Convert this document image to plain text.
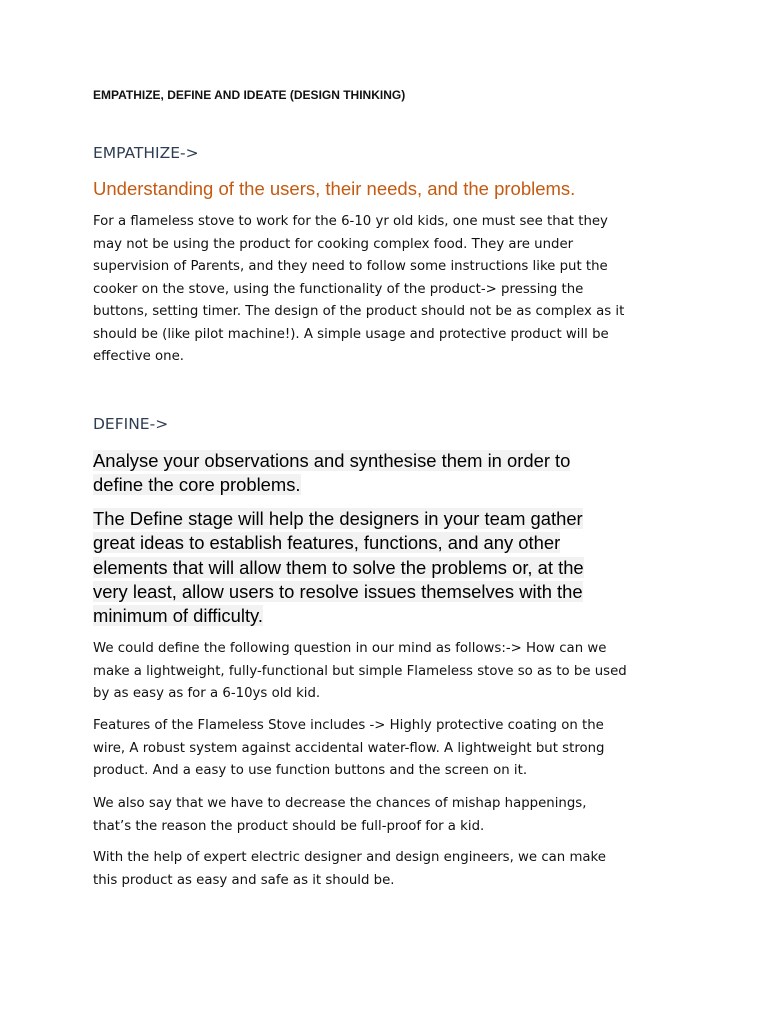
EMPATHIZE, DEFINE AND IDEATE (DESIGN THINKING)
EMPATHIZE->
Understanding of the users, their needs, and the problems.
For a flameless stove to work for the 6-10 yr old kids, one must see that they
may not be using the product for cooking complex food. They are under
supervision of Parents, and they need to follow some instructions like put the
cooker on the stove, using the functionality of the product-> pressing the
buttons, setting timer. The design of the product should not be as complex as it
should be (like pilot machine!). A simple usage and protective product will be
effective one.
DEFINE->
Analyse your observations and synthesise them in order to
define the core problems.
The Define stage will help the designers in your team gather
great ideas to establish features, functions, and any other
elements that will allow them to solve the problems or, at the
very least, allow users to resolve issues themselves with the
minimum of difficulty.
We could define the following question in our mind as follows:-> How can we
make a lightweight, fully-functional but simple Flameless stove so as to be used
by as easy as for a 6-10ys old kid.
Features of the Flameless Stove includes -> Highly protective coating on the
wire, A robust system against accidental water-flow. A lightweight but strong
product. And a easy to use function buttons and the screen on it.
We also say that we have to decrease the chances of mishap happenings,
that’s the reason the product should be full-proof for a kid.
With the help of expert electric designer and design engineers, we can make
this product as easy and safe as it should be.
